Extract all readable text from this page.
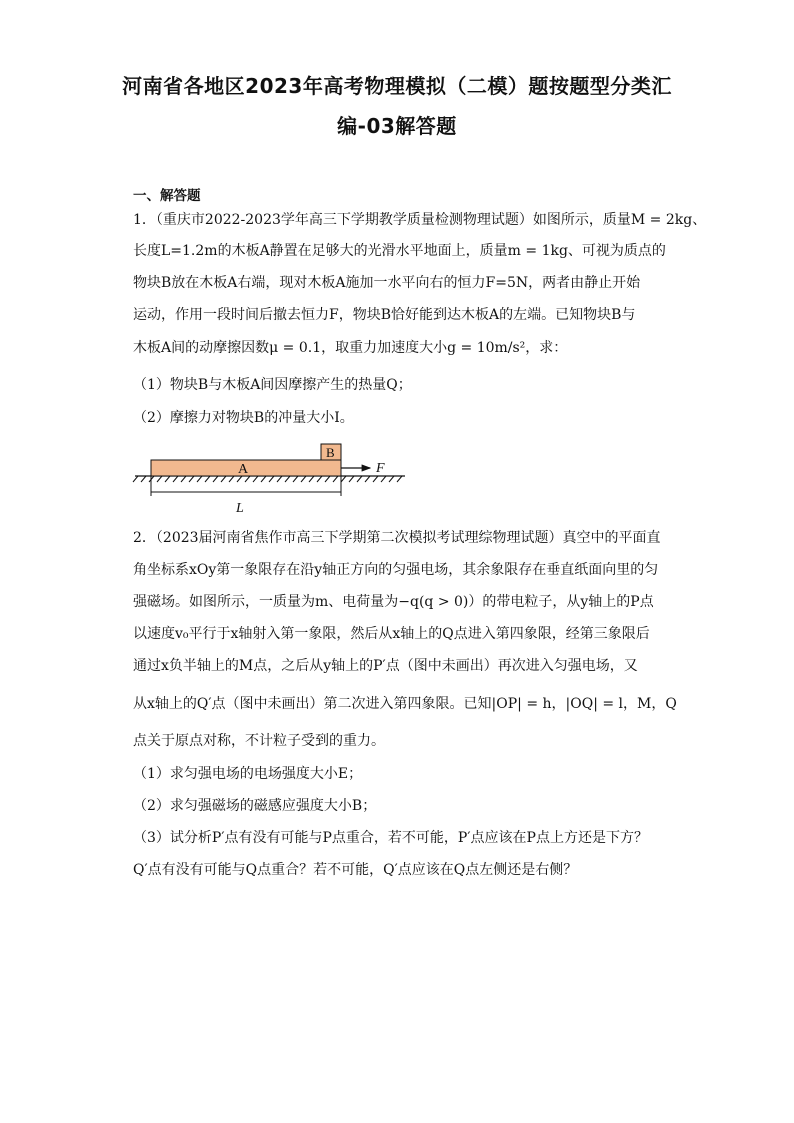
河南省各地区2023年高考物理模拟（二模）题按题型分类汇
编-03解答题
一、解答题
1．（重庆市2022-2023学年高三下学期教学质量检测物理试题）如图所示，质量M = 2kg、
长度L=1.2m的木板A静置在足够大的光滑水平地面上，质量m = 1kg、可视为质点的
物块B放在木板A右端，现对木板A施加一水平向右的恒力F=5N，两者由静止开始
运动，作用一段时间后撤去恒力F，物块B恰好能到达木板A的左端。已知物块B与
木板A间的动摩擦因数μ = 0.1，取重力加速度大小g = 10m/s²，求：
（1）物块B与木板A间因摩擦产生的热量Q；
（2）摩擦力对物块B的冲量大小I。
A
B
F
L
2．（2023届河南省焦作市高三下学期第二次模拟考试理综物理试题）真空中的平面直
角坐标系xOy第一象限存在沿y轴正方向的匀强电场，其余象限存在垂直纸面向里的匀
强磁场。如图所示，一质量为m、电荷量为−q(q > 0)）的带电粒子，从y轴上的P点
以速度v₀平行于x轴射入第一象限，然后从x轴上的Q点进入第四象限，经第三象限后
通过x负半轴上的M点，之后从y轴上的P′点（图中未画出）再次进入匀强电场，又
从x轴上的Q′点（图中未画出）第二次进入第四象限。已知|OP| = h，|OQ| = l，M，Q
点关于原点对称，不计粒子受到的重力。
（1）求匀强电场的电场强度大小E；
（2）求匀强磁场的磁感应强度大小B；
（3）试分析P′点有没有可能与P点重合，若不可能，P′点应该在P点上方还是下方？
Q′点有没有可能与Q点重合？若不可能，Q′点应该在Q点左侧还是右侧？
